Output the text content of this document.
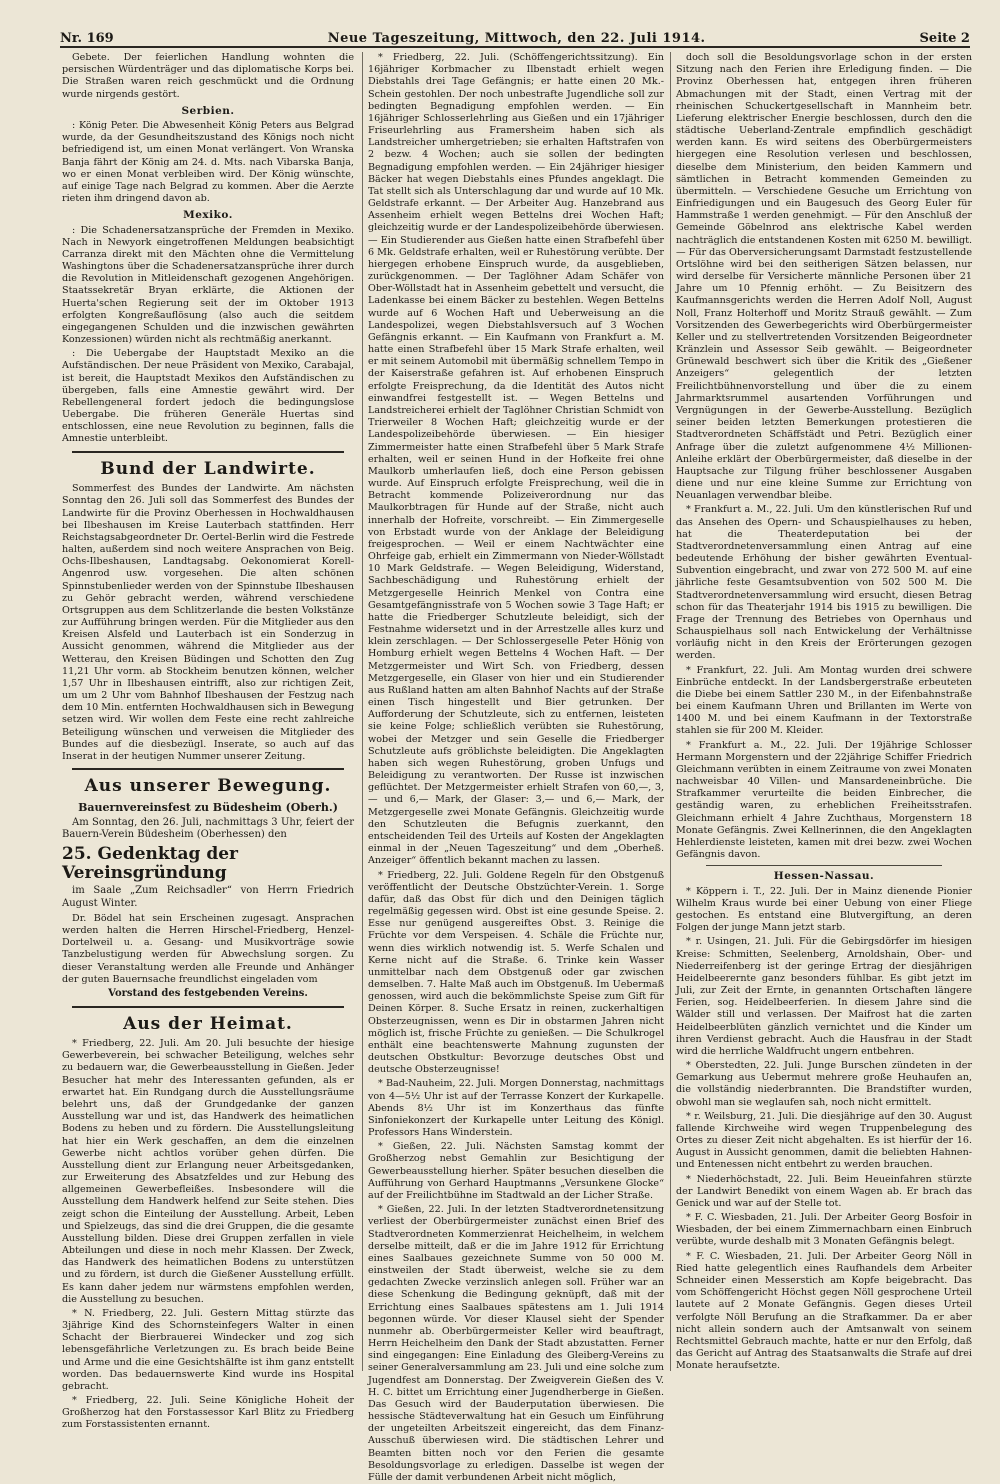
Nr. 169	Neue Tageszeitung, Mittwoch, den 22. Juli 1914.	Seite 2

Gebete. Der feierlichen Handlung wohnten die persischen Würdenträger und das diplomatische Korps bei. Die Straßen waren reich geschmückt und die Ordnung wurde nirgends gestört.

Serbien.

: König Peter. Die Abwesenheit König Peters aus Belgrad wurde, da der Gesundheitszustand des Königs noch nicht befriedigend ist, um einen Monat verlängert. Von Wranska Banja fährt der König am 24. d. Mts. nach Vibarska Banja, wo er einen Monat verbleiben wird. Der König wünschte, auf einige Tage nach Belgrad zu kommen. Aber die Aerzte rieten ihm dringend davon ab.

Mexiko.

: Die Schadenersatzansprüche der Fremden in Mexiko. Nach in Newyork eingetroffenen Meldungen beabsichtigt Carranza direkt mit den Mächten ohne die Vermittelung Washingtons über die Schadenersatzansprüche ihrer durch die Revolution in Mitleidenschaft gezogenen Angehörigen. Staatssekretär Bryan erklärte, die Aktionen der Huerta'schen Regierung seit der im Oktober 1913 erfolgten Kongreßauflösung (also auch die seitdem eingegangenen Schulden und die inzwischen gewährten Konzessionen) würden nicht als rechtmäßig anerkannt.

: Die Uebergabe der Hauptstadt Mexiko an die Aufständischen. Der neue Präsident von Mexiko, Carabajal, ist bereit, die Hauptstadt Mexikos den Aufständischen zu übergeben, falls eine Amnestie gewährt wird. Der Rebellengeneral fordert jedoch die bedingungslose Uebergabe. Die früheren Generäle Huertas sind entschlossen, eine neue Revolution zu beginnen, falls die Amnestie unterbleibt.

Bund der Landwirte.

Sommerfest des Bundes der Landwirte. Am nächsten Sonntag den 26. Juli soll das Sommerfest des Bundes der Landwirte für die Provinz Oberhessen in Hochwaldhausen bei Ilbeshausen im Kreise Lauterbach stattfinden. Herr Reichstagsabgeordneter Dr. Oertel-Berlin wird die Festrede halten, außerdem sind noch weitere Ansprachen von Beig. Ochs-Ilbeshausen, Landtagsabg. Oekonomierat Korell-Angenrod usw. vorgesehen. Die alten schönen Spinnstubenlieder werden von der Spinnstube Ilbeshausen zu Gehör gebracht werden, während verschiedene Ortsgruppen aus dem Schlitzerlande die besten Volkstänze zur Aufführung bringen werden. Für die Mitglieder aus den Kreisen Alsfeld und Lauterbach ist ein Sonderzug in Aussicht genommen, während die Mitglieder aus der Wetterau, den Kreisen Büdingen und Schotten den Zug 11,21 Uhr vorm. ab Stockheim benutzen können, welcher 1,57 Uhr in Ilbeshausen eintrifft, also zur richtigen Zeit, um um 2 Uhr vom Bahnhof Ilbeshausen der Festzug nach dem 10 Min. entfernten Hochwaldhausen sich in Bewegung setzen wird. Wir wollen dem Feste eine recht zahlreiche Beteiligung wünschen und verweisen die Mitglieder des Bundes auf die diesbezügl. Inserate, so auch auf das Inserat in der heutigen Nummer unserer Zeitung.

Aus unserer Bewegung.
Bauernvereinsfest zu Büdesheim (Oberh.)

Am Sonntag, den 26. Juli, nachmittags 3 Uhr, feiert der Bauern-Verein Büdesheim (Oberhessen) den

25. Gedenktag der Vereinsgründung

im Saale „Zum Reichsadler“ von Herrn Friedrich August Winter.

Dr. Bödel hat sein Erscheinen zugesagt. Ansprachen werden halten die Herren Hirschel-Friedberg, Henzel-Dortelweil u. a. Gesang- und Musikvorträge sowie Tanzbelustigung werden für Abwechslung sorgen. Zu dieser Veranstaltung werden alle Freunde und Anhänger der guten Bauernsache freundlichst eingeladen vom

Vorstand des festgebenden Vereins.
Aus der Heimat.

* Friedberg, 22. Juli. Am 20. Juli besuchte der hiesige Gewerbeverein, bei schwacher Beteiligung, welches sehr zu bedauern war, die Gewerbeausstellung in Gießen. Jeder Besucher hat mehr des Interessanten gefunden, als er erwartet hat. Ein Rundgang durch die Ausstellungsräume belehrt uns, daß der Grundgedanke der ganzen Ausstellung war und ist, das Handwerk des heimatlichen Bodens zu heben und zu fördern. Die Ausstellungsleitung hat hier ein Werk geschaffen, an dem die einzelnen Gewerbe nicht achtlos vorüber gehen dürfen. Die Ausstellung dient zur Erlangung neuer Arbeitsgedanken, zur Erweiterung des Absatzfeldes und zur Hebung des allgemeinen Gewerbefleißes. Insbesondere will die Ausstellung dem Handwerk helfend zur Seite stehen. Dies zeigt schon die Einteilung der Ausstellung. Arbeit, Leben und Spielzeugs, das sind die drei Gruppen, die die gesamte Ausstellung bilden. Diese drei Gruppen zerfallen in viele Abteilungen und diese in noch mehr Klassen. Der Zweck, das Handwerk des heimatlichen Bodens zu unterstützen und zu fördern, ist durch die Gießener Ausstellung erfüllt. Es kann daher jedem nur wärmstens empfohlen werden, die Ausstellung zu besuchen.

* N. Friedberg, 22. Juli. Gestern Mittag stürzte das 3jährige Kind des Schornsteinfegers Walter in einen Schacht der Bierbrauerei Windecker und zog sich lebensgefährliche Verletzungen zu. Es brach beide Beine und Arme und die eine Gesichtshälfte ist ihm ganz entstellt worden. Das bedauernswerte Kind wurde ins Hospital gebracht.

* Friedberg, 22. Juli. Seine Königliche Hoheit der Großherzog hat den Forstassessor Karl Blitz zu Friedberg zum Forstassistenten ernannt.

* Friedberg, 22. Juli. (Schöffengerichtssitzung). Ein 16jähriger Korbmacher zu Ilbenstadt erhielt wegen Diebstahls drei Tage Gefängnis; er hatte einen 20 Mk.-Schein gestohlen. Der noch unbestrafte Jugendliche soll zur bedingten Begnadigung empfohlen werden. — Ein 16jähriger Schlosserlehrling aus Gießen und ein 17jähriger Friseurlehrling aus Framersheim haben sich als Landstreicher umhergetrieben; sie erhalten Haftstrafen von 2 bezw. 4 Wochen; auch sie sollen der bedingten Begnadigung empfohlen werden. — Ein 24jähriger hiesiger Bäcker hat wegen Diebstahls eines Pfundes angeklagt. Die Tat stellt sich als Unterschlagung dar und wurde auf 10 Mk. Geldstrafe erkannt. — Der Arbeiter Aug. Hanzebrand aus Assenheim erhielt wegen Bettelns drei Wochen Haft; gleichzeitig wurde er der Landespolizeibehörde überwiesen. — Ein Studierender aus Gießen hatte einen Strafbefehl über 6 Mk. Geldstrafe erhalten, weil er Ruhestörung verübte. Der hiergegen erhobene Einspruch wurde, da ausgeblieben, zurückgenommen. — Der Taglöhner Adam Schäfer von Ober-Wöllstadt hat in Assenheim gebettelt und versucht, die Ladenkasse bei einem Bäcker zu bestehlen. Wegen Bettelns wurde auf 6 Wochen Haft und Ueberweisung an die Landespolizei, wegen Diebstahlsversuch auf 3 Wochen Gefängnis erkannt. — Ein Kaufmann von Frankfurt a. M. hatte einen Strafbefehl über 15 Mark Strafe erhalten, weil er mit seinem Automobil mit übermäßig schnellem Tempo in der Kaiserstraße gefahren ist. Auf erhobenen Einspruch erfolgte Freisprechung, da die Identität des Autos nicht einwandfrei festgestellt ist. — Wegen Bettelns und Landstreicherei erhielt der Taglöhner Christian Schmidt von Trierweiler 8 Wochen Haft; gleichzeitig wurde er der Landespolizeibehörde überwiesen. — Ein hiesiger Zimmermeister hatte einen Strafbefehl über 5 Mark Strafe erhalten, weil er seinen Hund in der Hofkeite frei ohne Maulkorb umherlaufen ließ, doch eine Person gebissen wurde. Auf Einspruch erfolgte Freisprechung, weil die in Betracht kommende Polizeiverordnung nur das Maulkorbtragen für Hunde auf der Straße, nicht auch innerhalb der Hofreite, vorschreibt. — Ein Zimmergeselle von Erbstadt wurde von der Anklage der Beleidigung freigesprochen. — Weil er einem Nachtwächter eine Ohrfeige gab, erhielt ein Zimmermann von Nieder-Wöllstadt 10 Mark Geldstrafe. — Wegen Beleidigung, Widerstand, Sachbeschädigung und Ruhestörung erhielt der Metzgergeselle Heinrich Menkel von Contra eine Gesamtgefängnisstrafe von 5 Wochen sowie 3 Tage Haft; er hatte die Friedberger Schutzleute beleidigt, sich der Festnahme widersetzt und in der Arrestzelle alles kurz und klein zerschlagen. — Der Schlossergeselle Peter Hönig von Homburg erhielt wegen Bettelns 4 Wochen Haft. — Der Metzgermeister und Wirt Sch. von Friedberg, dessen Metzgergeselle, ein Glaser von hier und ein Studierender aus Rußland hatten am alten Bahnhof Nachts auf der Straße einen Tisch hingestellt und Bier getrunken. Der Aufforderung der Schutzleute, sich zu entfernen, leisteten sie keine Folge; schließlich verübten sie Ruhestörung, wobei der Metzger und sein Geselle die Friedberger Schutzleute aufs gröblichste beleidigten. Die Angeklagten haben sich wegen Ruhestörung, groben Unfugs und Beleidigung zu verantworten. Der Russe ist inzwischen geflüchtet. Der Metzgermeister erhielt Strafen von 60,—, 3,— und 6,— Mark, der Glaser: 3,— und 6,— Mark, der Metzgergeselle zwei Monate Gefängnis. Gleichzeitig wurde den Schutzleuten die Befugnis zuerkannt, den entscheidenden Teil des Urteils auf Kosten der Angeklagten einmal in der „Neuen Tageszeitung“ und dem „Oberheß. Anzeiger“ öffentlich bekannt machen zu lassen.

* Friedberg, 22. Juli. Goldene Regeln für den Obstgenuß veröffentlicht der Deutsche Obstzüchter-Verein. 1. Sorge dafür, daß das Obst für dich und den Deinigen täglich regelmäßig gegessen wird. Obst ist eine gesunde Speise. 2. Esse nur genügend ausgereiftes Obst. 3. Reinige die Früchte vor dem Verspeisen. 4. Schäle die Früchte nur, wenn dies wirklich notwendig ist. 5. Werfe Schalen und Kerne nicht auf die Straße. 6. Trinke kein Wasser unmittelbar nach dem Obstgenuß oder gar zwischen demselben. 7. Halte Maß auch im Obstgenuß. Im Uebermaß genossen, wird auch die bekömmlichste Speise zum Gift für Deinen Körper. 8. Suche Ersatz in reinen, zuckerhaltigen Obsterzeugnissen, wenn es Dir in obstarmen Jahren nicht möglich ist, frische Früchte zu genießen. — Die Schulkrogel enthält eine beachtenswerte Mahnung zugunsten der deutschen Obstkultur: Bevorzuge deutsches Obst und deutsche Obsterzeugnisse!

* Bad-Nauheim, 22. Juli. Morgen Donnerstag, nachmittags von 4—5½ Uhr ist auf der Terrasse Konzert der Kurkapelle. Abends 8½ Uhr ist im Konzerthaus das fünfte Sinfoniekonzert der Kurkapelle unter Leitung des Königl. Professors Hans Winderstein.

* Gießen, 22. Juli. Nächsten Samstag kommt der Großherzog nebst Gemahlin zur Besichtigung der Gewerbeausstellung hierher. Später besuchen dieselben die Aufführung von Gerhard Hauptmanns „Versunkene Glocke“ auf der Freilichtbühne im Stadtwald an der Licher Straße.

* Gießen, 22. Juli. In der letzten Stadtverordnetensitzung verliest der Oberbürgermeister zunächst einen Brief des Stadtverordneten Kommerzienrat Heichelheim, in welchem derselbe mitteilt, daß er die im Jahre 1912 für Errichtung eines Saalbaues gezeichnete Summe von 50 000 M. einstweilen der Stadt überweist, welche sie zu dem gedachten Zwecke verzinslich anlegen soll. Früher war an diese Schenkung die Bedingung geknüpft, daß mit der Errichtung eines Saalbaues spätestens am 1. Juli 1914 begonnen würde. Vor dieser Klausel sieht der Spender nunmehr ab. Oberbürgermeister Keller wird beauftragt, Herrn Heichelheim den Dank der Stadt abzustatten. Ferner sind eingegangen: Eine Einladung des Gleiberg-Vereins zu seiner Generalversammlung am 23. Juli und eine solche zum Jugendfest am Donnerstag. Der Zweigverein Gießen des V. H. C. bittet um Errichtung einer Jugendherberge in Gießen. Das Gesuch wird der Bauderputation überwiesen. Die hessische Städteverwaltung hat ein Gesuch um Einführung der ungeteilten Arbeitszeit eingereicht, das dem Finanz-Ausschuß überwiesen wird. Die städtischen Lehrer und Beamten bitten noch vor den Ferien die gesamte Besoldungsvorlage zu erledigen. Dasselbe ist wegen der Fülle der damit verbundenen Arbeit nicht möglich,

doch soll die Besoldungsvorlage schon in der ersten Sitzung nach den Ferien ihre Erledigung finden. — Die Provinz Oberhessen hat, entgegen ihren früheren Abmachungen mit der Stadt, einen Vertrag mit der rheinischen Schuckertgesellschaft in Mannheim betr. Lieferung elektrischer Energie beschlossen, durch den die städtische Ueberland-Zentrale empfindlich geschädigt werden kann. Es wird seitens des Oberbürgermeisters hiergegen eine Resolution verlesen und beschlossen, dieselbe dem Ministerium, den beiden Kammern und sämtlichen in Betracht kommenden Gemeinden zu übermitteln. — Verschiedene Gesuche um Errichtung von Einfriedigungen und ein Baugesuch des Georg Euler für Hammstraße 1 werden genehmigt. — Für den Anschluß der Gemeinde Göbelnrod ans elektrische Kabel werden nachträglich die entstandenen Kosten mit 6250 M. bewilligt. — Für das Oberversicherungsamt Darmstadt festzustellende Ortslöhne wird bei den seitherigen Sätzen belassen, nur wird derselbe für Versicherte männliche Personen über 21 Jahre um 10 Pfennig erhöht. — Zu Beisitzern des Kaufmannsgerichts werden die Herren Adolf Noll, August Noll, Franz Holterhoff und Moritz Strauß gewählt. — Zum Vorsitzenden des Gewerbegerichts wird Oberbürgermeister Keller und zu stellvertretenden Vorsitzenden Beigeordneter Kränzlein und Assessor Seib gewählt. — Beigeordneter Grünewald beschwert sich über die Kritik des „Gießener Anzeigers“ gelegentlich der letzten Freilichtbühnenvorstellung und über die zu einem Jahrmarktsrummel ausartenden Vorführungen und Vergnügungen in der Gewerbe-Ausstellung. Bezüglich seiner beiden letzten Bemerkungen protestieren die Stadtverordneten Schäffstädt und Petri. Bezüglich einer Anfrage über die zuletzt aufgenommene 4½ Millionen-Anleihe erklärt der Oberbürgermeister, daß dieselbe in der Hauptsache zur Tilgung früher beschlossener Ausgaben diene und nur eine kleine Summe zur Errichtung von Neuanlagen verwendbar bleibe.

* Frankfurt a. M., 22. Juli. Um den künstlerischen Ruf und das Ansehen des Opern- und Schauspielhauses zu heben, hat die Theaterdeputation bei der Stadtverordnetenversammlung einen Antrag auf eine bedeutende Erhöhung der bisher gewährten Eventual-Subvention eingebracht, und zwar von 272 500 M. auf eine jährliche feste Gesamtsubvention von 502 500 M. Die Stadtverordnetenversammlung wird ersucht, diesen Betrag schon für das Theaterjahr 1914 bis 1915 zu bewilligen. Die Frage der Trennung des Betriebes von Opernhaus und Schauspielhaus soll nach Entwickelung der Verhältnisse vorläufig nicht in den Kreis der Erörterungen gezogen werden.

* Frankfurt, 22. Juli. Am Montag wurden drei schwere Einbrüche entdeckt. In der Landsbergerstraße erbeuteten die Diebe bei einem Sattler 230 M., in der Eifenbahnstraße bei einem Kaufmann Uhren und Brillanten im Werte von 1400 M. und bei einem Kaufmann in der Textorstraße stahlen sie für 200 M. Kleider.

* Frankfurt a. M., 22. Juli. Der 19jährige Schlosser Hermann Morgenstern und der 22jährige Schiffer Friedrich Gleichmann verübten in einem Zeitraume von zwei Monaten nachweisbar 40 Villen- und Mansardeneinbrüche. Die Strafkammer verurteilte die beiden Einbrecher, die geständig waren, zu erheblichen Freiheitsstrafen. Gleichmann erhielt 4 Jahre Zuchthaus, Morgenstern 18 Monate Gefängnis. Zwei Kellnerinnen, die den Angeklagten Hehlerdienste leisteten, kamen mit drei bezw. zwei Wochen Gefängnis davon.

Hessen-Nassau.

* Köppern i. T., 22. Juli. Der in Mainz dienende Pionier Wilhelm Kraus wurde bei einer Uebung von einer Fliege gestochen. Es entstand eine Blutvergiftung, an deren Folgen der junge Mann jetzt starb.

* r. Usingen, 21. Juli. Für die Gebirgsdörfer im hiesigen Kreise: Schmitten, Seelenberg, Arnoldshain, Ober- und Niederreifenberg ist der geringe Ertrag der diesjährigen Heidelbeerernte ganz besonders fühlbar. Es gibt jetzt im Juli, zur Zeit der Ernte, in genannten Ortschaften längere Ferien, sog. Heidelbeerferien. In diesem Jahre sind die Wälder still und verlassen. Der Maifrost hat die zarten Heidelbeerblüten gänzlich vernichtet und die Kinder um ihren Verdienst gebracht. Auch die Hausfrau in der Stadt wird die herrliche Waldfrucht ungern entbehren.

* Oberstedten, 22. Juli. Junge Burschen zündeten in der Gemarkung aus Uebermut mehrere große Heuhaufen an, die vollständig niederbrannten. Die Brandstifter wurden, obwohl man sie weglaufen sah, noch nicht ermittelt.

* r. Weilsburg, 21. Juli. Die diesjährige auf den 30. August fallende Kirchweihe wird wegen Truppenbelegung des Ortes zu dieser Zeit nicht abgehalten. Es ist hierfür der 16. August in Aussicht genommen, damit die beliebten Hahnen- und Entenessen nicht entbehrt zu werden brauchen.

* Niederhöchstadt, 22. Juli. Beim Heueinfahren stürzte der Landwirt Benedikt von einem Wagen ab. Er brach das Genick und war auf der Stelle tot.

* F. C. Wiesbaden, 21. Juli. Der Arbeiter Georg Bosfoir in Wiesbaden, der bei einem Zimmernachbarn einen Einbruch verübte, wurde deshalb mit 3 Monaten Gefängnis belegt.

* F. C. Wiesbaden, 21. Juli. Der Arbeiter Georg Nöll in Ried hatte gelegentlich eines Raufhandels dem Arbeiter Schneider einen Messerstich am Kopfe beigebracht. Das vom Schöffengericht Höchst gegen Nöll gesprochene Urteil lautete auf 2 Monate Gefängnis. Gegen dieses Urteil verfolgte Nöll Berufung an die Strafkammer. Da er aber nicht allein sondern auch der Amtsanwalt von seinem Rechtsmittel Gebrauch machte, hatte er nur den Erfolg, daß das Gericht auf Antrag des Staatsanwalts die Strafe auf drei Monate heraufsetzte.
